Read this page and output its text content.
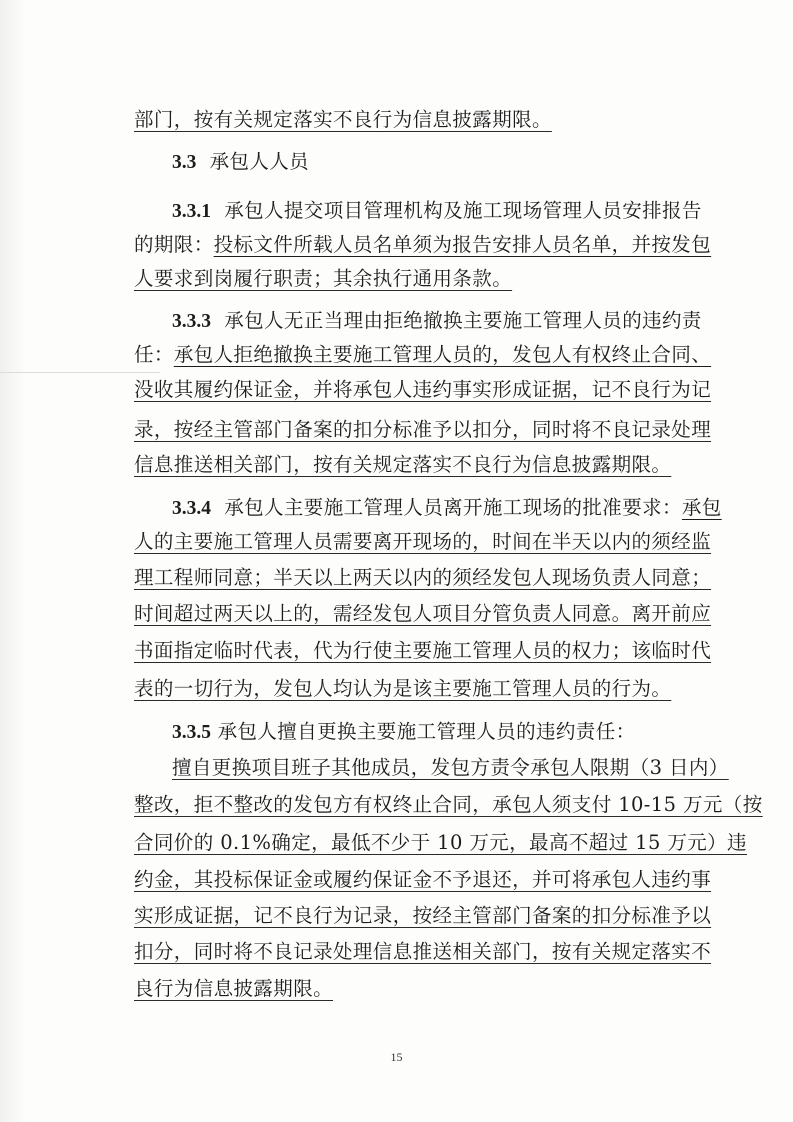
部门，按有关规定落实不良行为信息披露期限。
3.3 承包人人员
3.3.1 承包人提交项目管理机构及施工现场管理人员安排报告
的期限：投标文件所载人员名单须为报告安排人员名单，并按发包
人要求到岗履行职责；其余执行通用条款。
3.3.3 承包人无正当理由拒绝撤换主要施工管理人员的违约责
任：承包人拒绝撤换主要施工管理人员的，发包人有权终止合同、
没收其履约保证金，并将承包人违约事实形成证据，记不良行为记
录，按经主管部门备案的扣分标准予以扣分，同时将不良记录处理
信息推送相关部门，按有关规定落实不良行为信息披露期限。
3.3.4 承包人主要施工管理人员离开施工现场的批准要求：承包
人的主要施工管理人员需要离开现场的，时间在半天以内的须经监
理工程师同意；半天以上两天以内的须经发包人现场负责人同意；
时间超过两天以上的，需经发包人项目分管负责人同意。离开前应
书面指定临时代表，代为行使主要施工管理人员的权力；该临时代
表的一切行为，发包人均认为是该主要施工管理人员的行为。
3.3.5 承包人擅自更换主要施工管理人员的违约责任：
擅自更换项目班子其他成员，发包方责令承包人限期（3 日内）
整改，拒不整改的发包方有权终止合同，承包人须支付 10-15 万元（按
合同价的 0.1%确定，最低不少于 10 万元，最高不超过 15 万元）违
约金，其投标保证金或履约保证金不予退还，并可将承包人违约事
实形成证据，记不良行为记录，按经主管部门备案的扣分标准予以
扣分，同时将不良记录处理信息推送相关部门，按有关规定落实不
良行为信息披露期限。
15
